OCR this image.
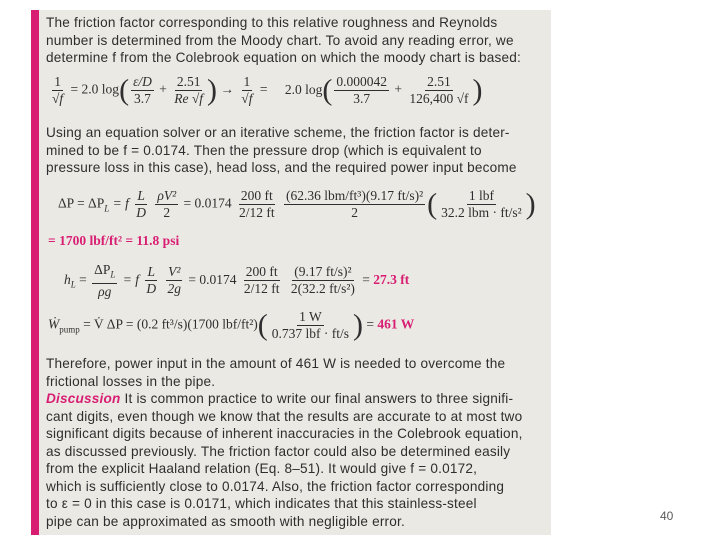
The friction factor corresponding to this relative roughness and Reynolds
number is determined from the Moody chart. To avoid any reading error, we
determine f from the Colebrook equation on which the moody chart is based:
$\frac{1}{√f} = 2.0$ $\log( \frac{\varepsilon/D}{3.7} + \frac{2.51}{Re √f}$ ) → $\frac{1}{√f} = 2.0$ $\log( \frac{0.000042}{3.7} + \frac{2.51}{126,400 √f}$ )
Using an equation solver or an iterative scheme, the friction factor is deter-
mined to be f = 0.0174. Then the pressure drop (which is equivalent to
pressure loss in this case), head loss, and the required power input become
$\Delta P = \Delta P_L = f \frac{L}{D}$
$\frac{\text{ρV²}}{2} = 0.0174 \frac{200 ft}{2/12 ft}$
$\frac{\text{(62.36 lbm/ft³)(9.17 ft/s)²}}{2}$ ( $\frac{\text{1 lbf}}{\text{32.2 lbm · ft/s²}}$ )
= 1700 lbf/ft² = 11.8 psi
$h_L = \frac{\Delta P_L}{\rho g} = f \frac{L}{D}$
$\frac{\text{V²}}{2g} = 0.0174 \frac{200 ft}{2/12 ft}$
$\frac{\text{(9.17 ft/s)²}}{\text{2(32.2 ft/s²)}} = 27.3$ ft
Ẇ$_{pump}$ = V̇ ΔP = (0.2 ft³/s)(1700 $lbf/ft^2)( \frac{1 W}{\text{0.737 lbf · ft/s}}$ ) = 461 W
Therefore, power input in the amount of 461 W is needed to overcome the
frictional losses in the pipe.
Discussion It is common practice to write our final answers to three signifi-
cant digits, even though we know that the results are accurate to at most two
significant digits because of inherent inaccuracies in the Colebrook equation,
as discussed previously. The friction factor could also be determined easily
from the explicit Haaland relation (Eq. 8–51). It would give f = 0.0172,
which is sufficiently close to 0.0174. Also, the friction factor corresponding
to ε = 0 in this case is 0.0171, which indicates that this stainless-steel
pipe can be approximated as smooth with negligible error.	40
